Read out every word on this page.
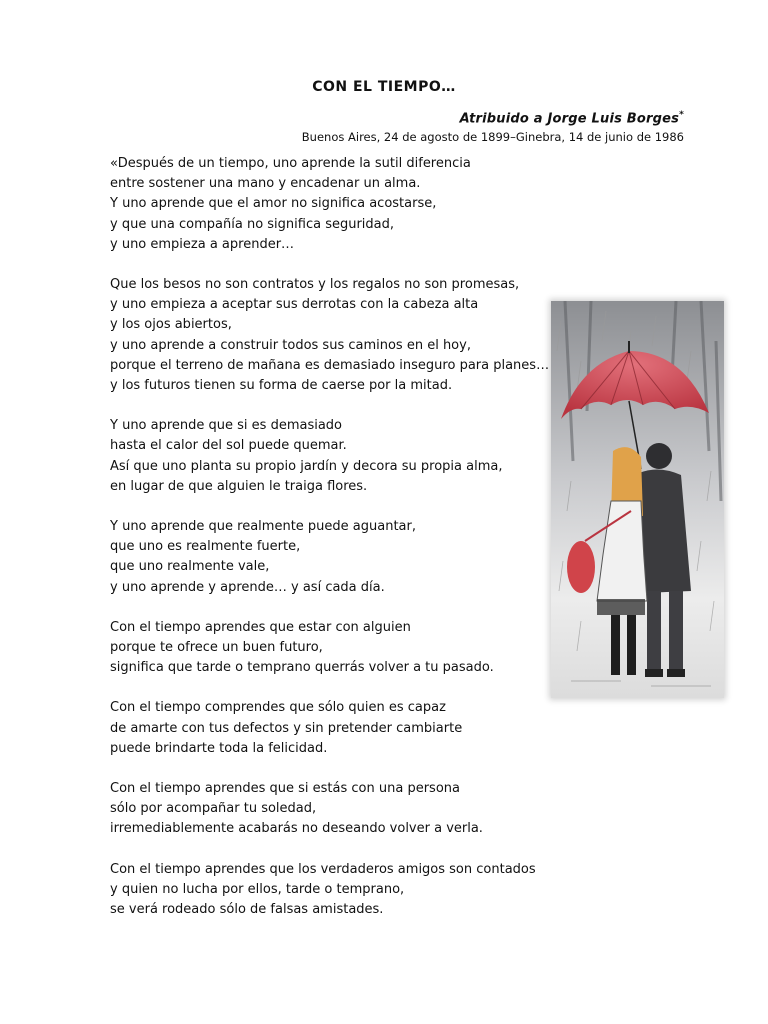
CON EL TIEMPO…
Atribuido a Jorge Luis Borges*
Buenos Aires, 24 de agosto de 1899–Ginebra, 14 de junio de 1986
«Después de un tiempo, uno aprende la sutil diferencia
entre sostener una mano y encadenar un alma.
Y uno aprende que el amor no significa acostarse,
y que una compañía no significa seguridad,
y uno empieza a aprender…
Que los besos no son contratos y los regalos no son promesas,
y uno empieza a aceptar sus derrotas con la cabeza alta
y los ojos abiertos,
y uno aprende a construir todos sus caminos en el hoy,
porque el terreno de mañana es demasiado inseguro para planes…
y los futuros tienen su forma de caerse por la mitad.
Y uno aprende que si es demasiado
hasta el calor del sol puede quemar.
Así que uno planta su propio jardín y decora su propia alma,
en lugar de que alguien le traiga flores.
Y uno aprende que realmente puede aguantar,
que uno es realmente fuerte,
que uno realmente vale,
y uno aprende y aprende… y así cada día.
Con el tiempo aprendes que estar con alguien
porque te ofrece un buen futuro,
significa que tarde o temprano querrás volver a tu pasado.
Con el tiempo comprendes que sólo quien es capaz
de amarte con tus defectos y sin pretender cambiarte
puede brindarte toda la felicidad.
Con el tiempo aprendes que si estás con una persona
sólo por acompañar tu soledad,
irremediablemente acabarás no deseando volver a verla.
Con el tiempo aprendes que los verdaderos amigos son contados
y quien no lucha por ellos, tarde o temprano,
se verá rodeado sólo de falsas amistades.
